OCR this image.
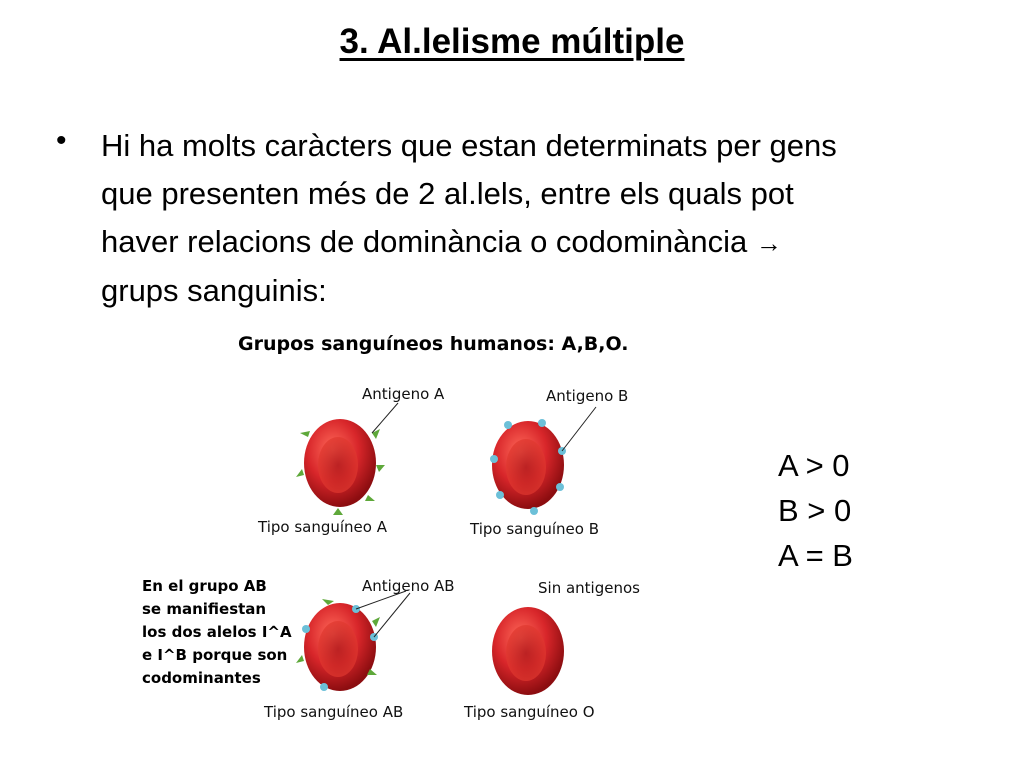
3. Al.lelisme múltiple
• Hi ha molts caràcters que estan determinats per gens
que presenten més de 2 al.lels, entre els quals pot
haver relacions de dominància o codominància →
grups sanguinis:
Grupos sanguíneos humanos: A,B,O.
Antigeno A	Antigeno B
Tipo sanguíneo A	Tipo sanguíneo B
Antigeno AB	Sin antigenos
Tipo sanguíneo AB	Tipo sanguíneo O
En el grupo AB
se manifiestan
los dos alelos I^A
e I^B porque son
codominantes
A > 0
B > 0
A = B
